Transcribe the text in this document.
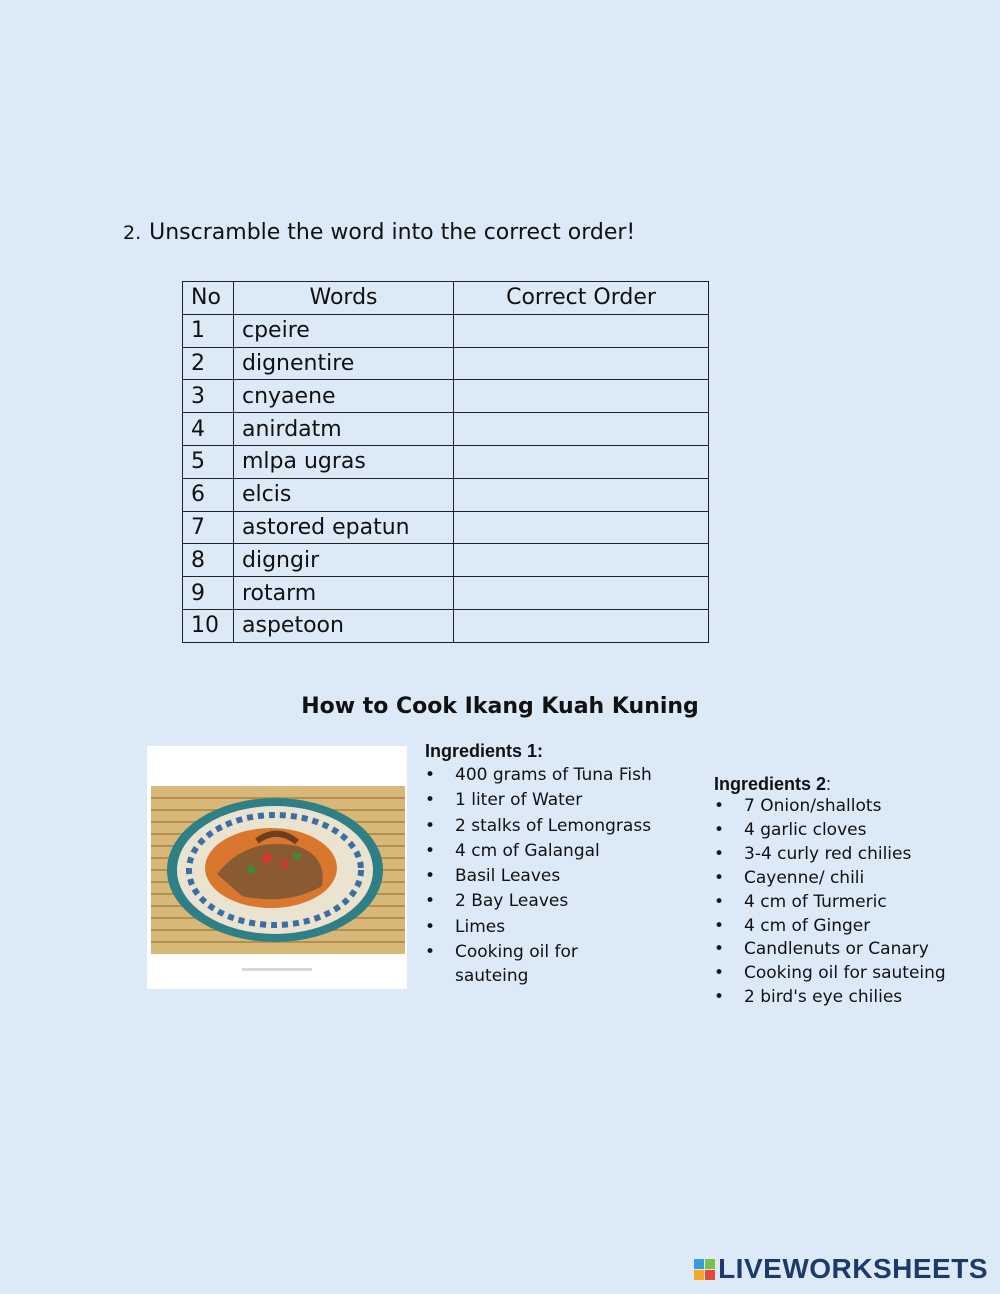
2. Unscramble the word into the correct order!
No	Words	Correct Order
1	cpeire	
2	dignentire	
3	cnyaene	
4	anirdatm	
5	mlpa ugras	
6	elcis	
7	astored epatun	
8	digngir	
9	rotarm	
10	aspetoon	
How to Cook Ikang Kuah Kuning
Ingredients 1:
• 400 grams of Tuna Fish
• 1 liter of Water
• 2 stalks of Lemongrass
• 4 cm of Galangal
• Basil Leaves
• 2 Bay Leaves
• Limes
• Cooking oil for sauteing
Ingredients 2:
• 7 Onion/shallots
• 4 garlic cloves
• 3-4 curly red chilies
• Cayenne/ chili
• 4 cm of Turmeric
• 4 cm of Ginger
• Candlenuts or Canary
• Cooking oil for sauteing
• 2 bird's eye chilies
LIVEWORKSHEETS
